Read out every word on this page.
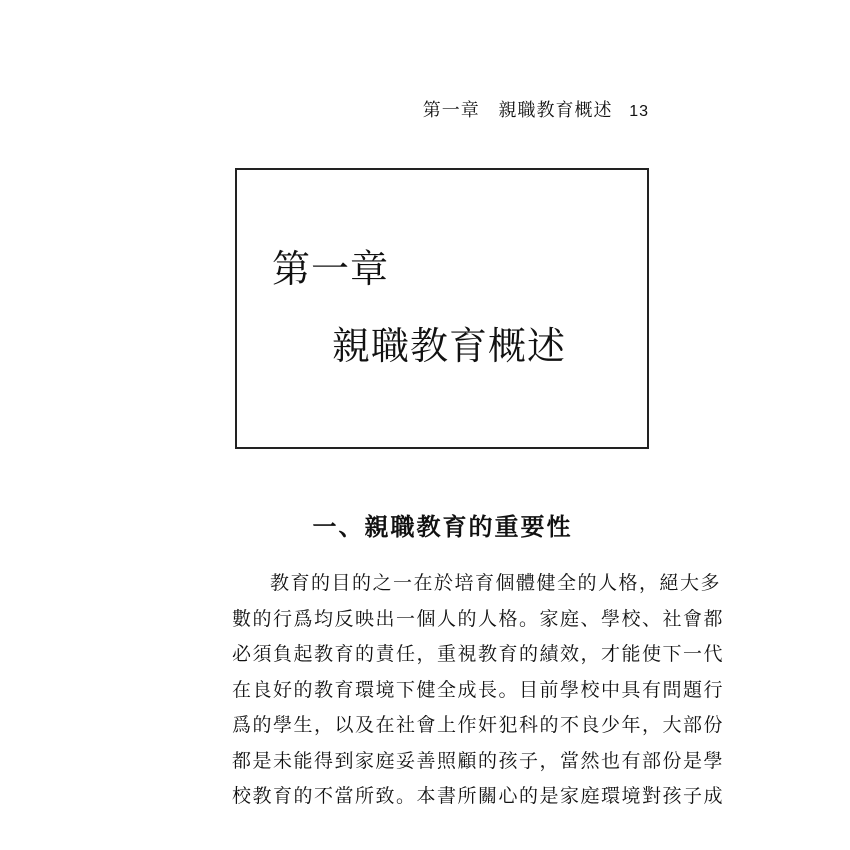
第一章 親職教育概述 13
第一章
親職教育概述
一、親職教育的重要性
教育的目的之一在於培育個體健全的人格，絕大多
數的行爲均反映出一個人的人格。家庭、學校、社會都
必須負起教育的責任，重視教育的績效，才能使下一代
在良好的教育環境下健全成長。目前學校中具有問題行
爲的學生，以及在社會上作奸犯科的不良少年，大部份
都是未能得到家庭妥善照顧的孩子，當然也有部份是學
校教育的不當所致。本書所關心的是家庭環境對孩子成
